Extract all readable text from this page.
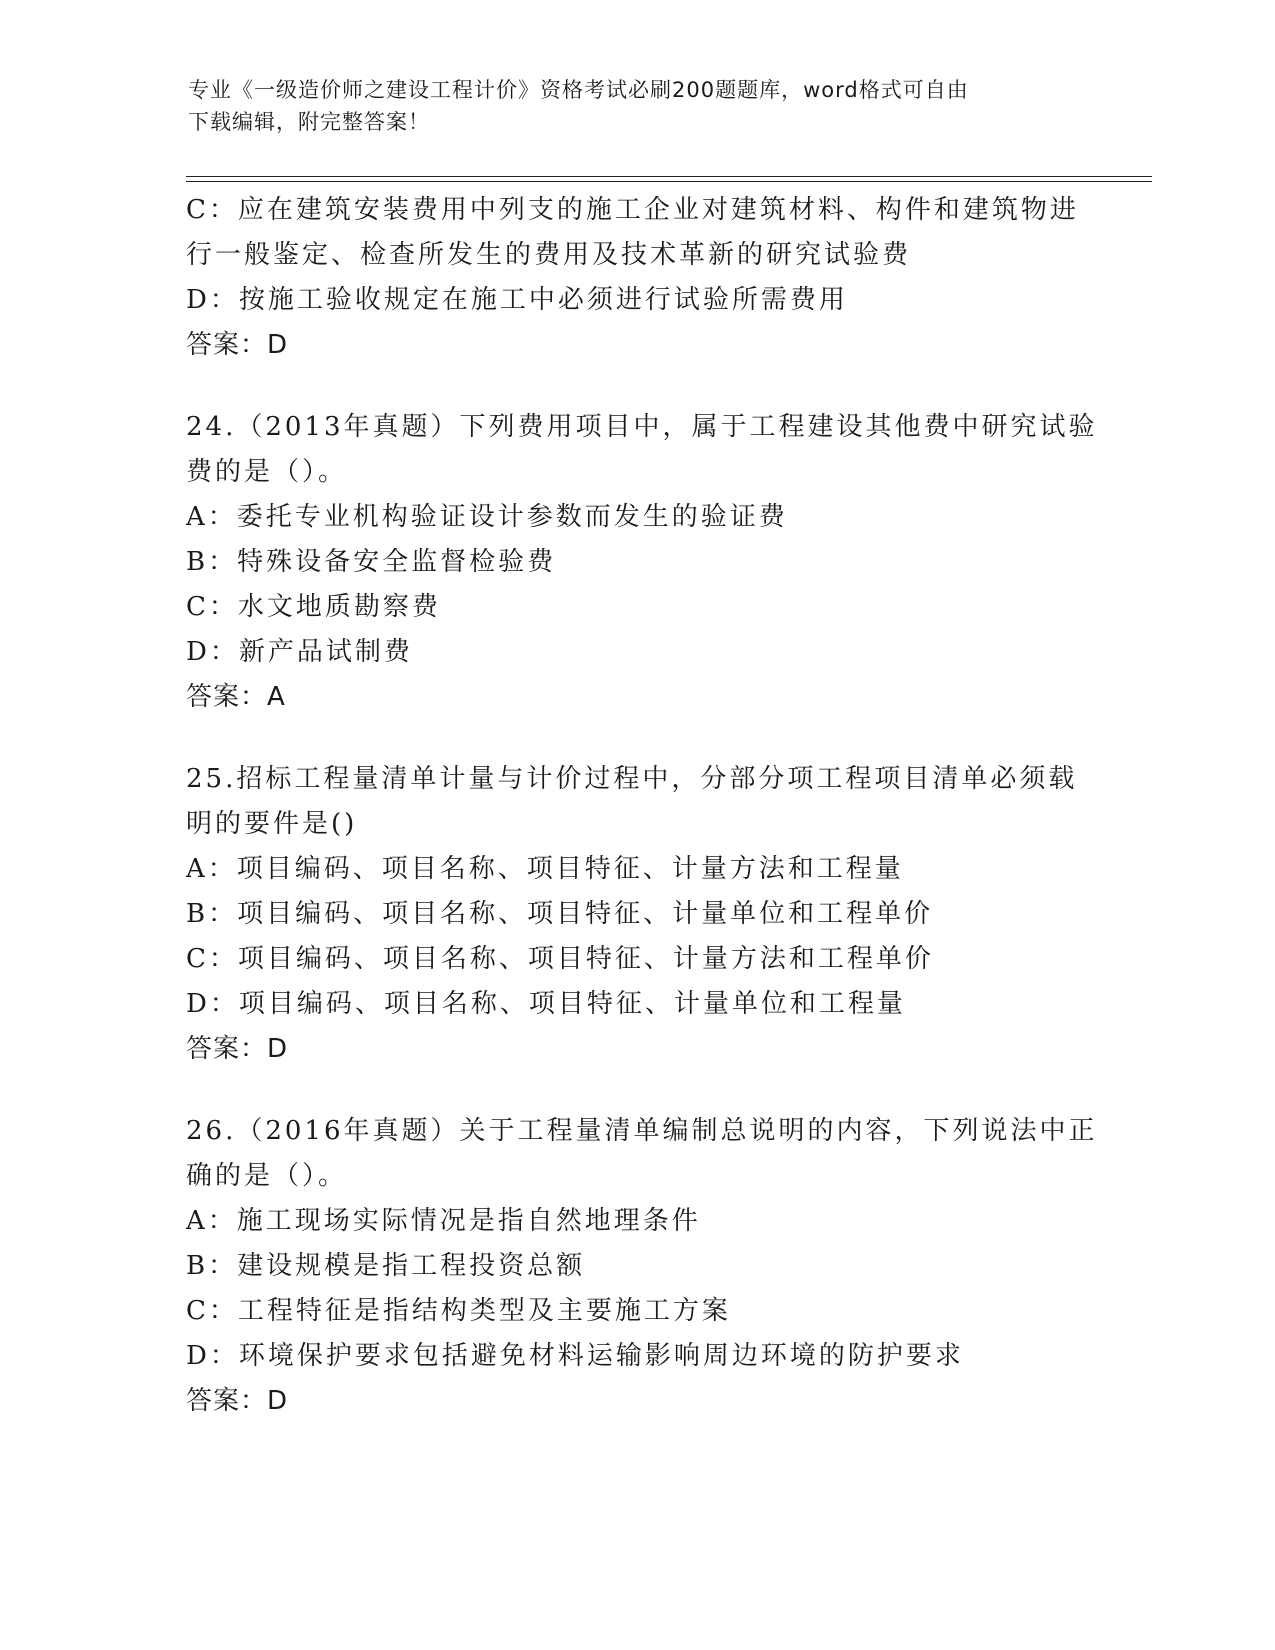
专业《一级造价师之建设工程计价》资格考试必刷200题题库，word格式可自由
下载编辑，附完整答案！
C：应在建筑安装费用中列支的施工企业对建筑材料、构件和建筑物进
行一般鉴定、检查所发生的费用及技术革新的研究试验费
D：按施工验收规定在施工中必须进行试验所需费用
答案：D
24.（2013年真题）下列费用项目中，属于工程建设其他费中研究试验
费的是（）。
A：委托专业机构验证设计参数而发生的验证费
B：特殊设备安全监督检验费
C：水文地质勘察费
D：新产品试制费
答案：A
25.招标工程量清单计量与计价过程中，分部分项工程项目清单必须载
明的要件是()
A：项目编码、项目名称、项目特征、计量方法和工程量
B：项目编码、项目名称、项目特征、计量单位和工程单价
C：项目编码、项目名称、项目特征、计量方法和工程单价
D：项目编码、项目名称、项目特征、计量单位和工程量
答案：D
26.（2016年真题）关于工程量清单编制总说明的内容，下列说法中正
确的是（）。
A：施工现场实际情况是指自然地理条件
B：建设规模是指工程投资总额
C：工程特征是指结构类型及主要施工方案
D：环境保护要求包括避免材料运输影响周边环境的防护要求
答案：D
